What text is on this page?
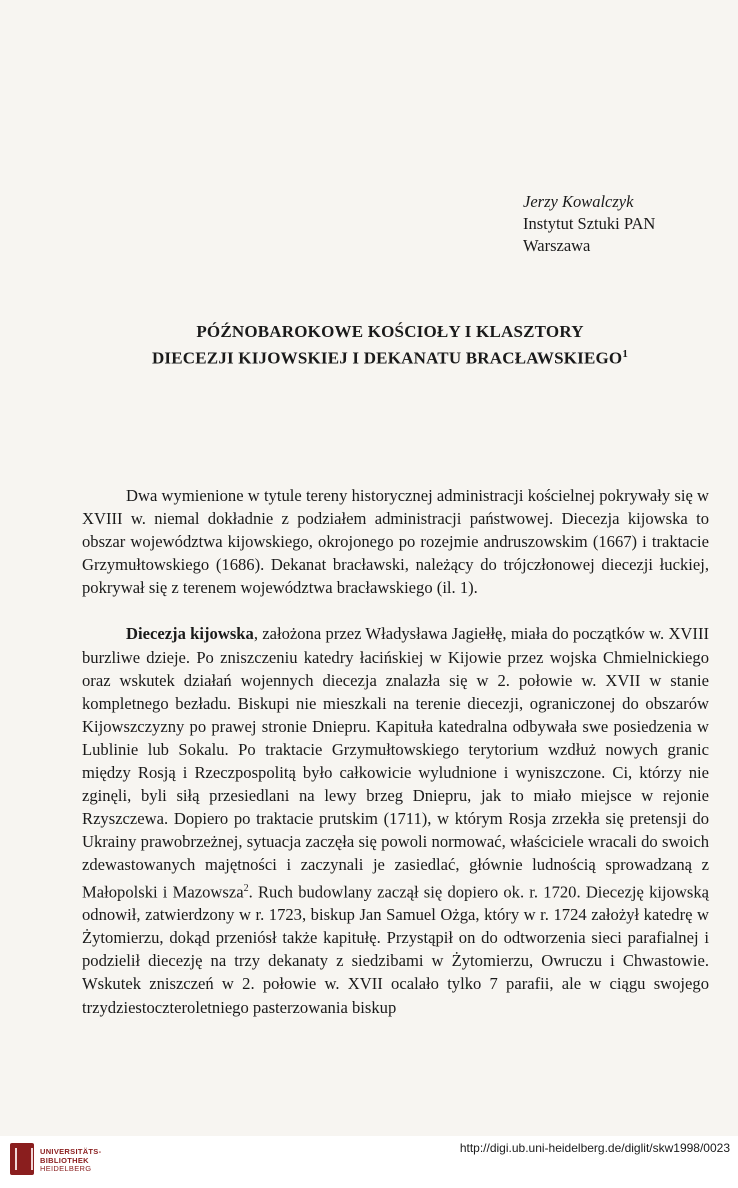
Jerzy Kowalczyk
Instytut Sztuki PAN
Warszawa
PÓŹNOBAROKOWE KOŚCIOŁY I KLASZTORY
DIECEZJI KIJOWSKIEJ I DEKANATU BRACŁAWSKIEGO$^1$

Dwa wymienione w tytule tereny historycznej administracji kościelnej pokrywały się w XVIII w. niemal dokładnie z podziałem administracji państwowej. Diecezja kijowska to obszar województwa kijowskiego, okrojonego po rozejmie andruszowskim (1667) i traktacie Grzymułtowskiego (1686). Dekanat bracławski, należący do trójczłonowej diecezji łuckiej, pokrywał się z terenem województwa bracławskiego (il. 1).

Diecezja kijowska, założona przez Władysława Jagiełłę, miała do początków w. XVIII burzliwe dzieje. Po zniszczeniu katedry łacińskiej w Kijowie przez wojska Chmielnickiego oraz wskutek działań wojennych diecezja znalazła się w 2. połowie w. XVII w stanie kompletnego bezładu. Biskupi nie mieszkali na terenie diecezji, ograniczonej do obszarów Kijowszczyzny po prawej stronie Dniepru. Kapituła katedralna odbywała swe posiedzenia w Lublinie lub Sokalu. Po traktacie Grzymułtowskiego terytorium wzdłuż nowych granic między Rosją i Rzeczpospolitą było całkowicie wyludnione i wyniszczone. Ci, którzy nie zginęli, byli siłą przesiedlani na lewy brzeg Dniepru, jak to miało miejsce w rejonie Rzyszczewa. Dopiero po traktacie prutskim (1711), w którym Rosja zrzekła się pretensji do Ukrainy prawobrzeżnej, sytuacja zaczęła się powoli normować, właściciele wracali do swoich zdewastowanych majętności i zaczynali je zasiedlać, głównie ludnością sprowadzaną z Małopolski i Mazowsza$^2$. Ruch budowlany zaczął się dopiero ok. r. 1720. Diecezję kijowską odnowił, zatwierdzony w r. 1723, biskup Jan Samuel Ożga, który w r. 1724 założył katedrę w Żytomierzu, dokąd przeniósł także kapitułę. Przystąpił on do odtworzenia sieci parafialnej i podzielił diecezję na trzy dekanaty z siedzibami w Żytomierzu, Owruczu i Chwastowie. Wskutek zniszczeń w 2. połowie w. XVII ocalało tylko 7 parafii, ale w ciągu swojego trzydziestoczteroletniego pasterzowania biskup

UNIVERSITÄTS-
BIBLIOTHEK
HEIDELBERG
http://digi.ub.uni-heidelberg.de/diglit/skw1998/0023
